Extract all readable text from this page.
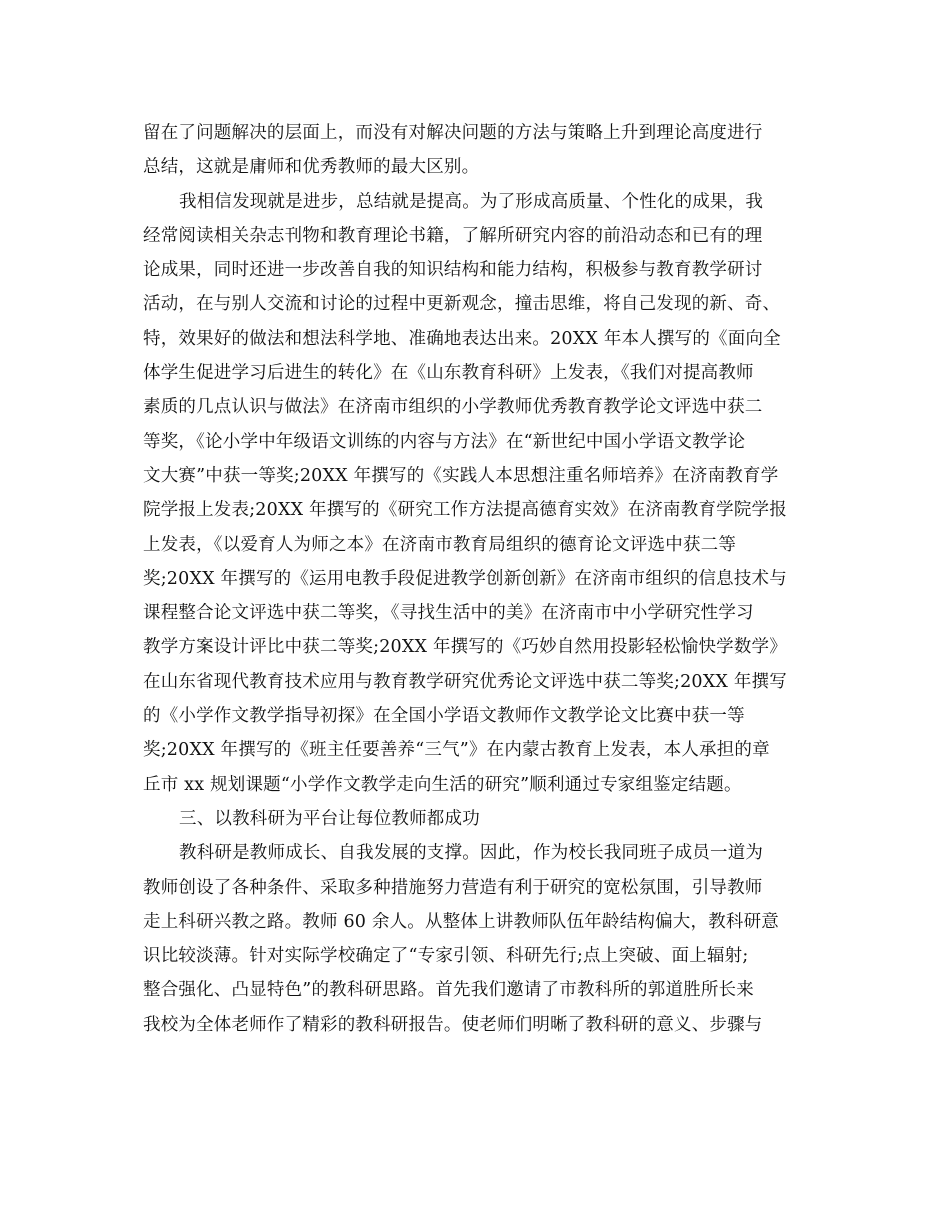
留在了问题解决的层面上，而没有对解决问题的方法与策略上升到理论高度进行
总结，这就是庸师和优秀教师的最大区别。
我相信发现就是进步，总结就是提高。为了形成高质量、个性化的成果，我
经常阅读相关杂志刊物和教育理论书籍，了解所研究内容的前沿动态和已有的理
论成果，同时还进一步改善自我的知识结构和能力结构，积极参与教育教学研讨
活动，在与别人交流和讨论的过程中更新观念，撞击思维，将自己发现的新、奇、
特，效果好的做法和想法科学地、准确地表达出来。20XX 年本人撰写的《面向全
体学生促进学习后进生的转化》在《山东教育科研》上发表，《我们对提高教师
素质的几点认识与做法》在济南市组织的小学教师优秀教育教学论文评选中获二
等奖，《论小学中年级语文训练的内容与方法》在“新世纪中国小学语文教学论
文大赛”中获一等奖;20XX 年撰写的《实践人本思想注重名师培养》在济南教育学
院学报上发表;20XX 年撰写的《研究工作方法提高德育实效》在济南教育学院学报
上发表，《以爱育人为师之本》在济南市教育局组织的德育论文评选中获二等
奖;20XX 年撰写的《运用电教手段促进教学创新创新》在济南市组织的信息技术与
课程整合论文评选中获二等奖，《寻找生活中的美》在济南市中小学研究性学习
教学方案设计评比中获二等奖;20XX 年撰写的《巧妙自然用投影轻松愉快学数学》
在山东省现代教育技术应用与教育教学研究优秀论文评选中获二等奖;20XX 年撰写
的《小学作文教学指导初探》在全国小学语文教师作文教学论文比赛中获一等
奖;20XX 年撰写的《班主任要善养“三气”》在内蒙古教育上发表，本人承担的章
丘市 xx 规划课题“小学作文教学走向生活的研究”顺利通过专家组鉴定结题。
三、以教科研为平台让每位教师都成功
教科研是教师成长、自我发展的支撑。因此，作为校长我同班子成员一道为
教师创设了各种条件、采取多种措施努力营造有利于研究的宽松氛围，引导教师
走上科研兴教之路。教师 60 余人。从整体上讲教师队伍年龄结构偏大，教科研意
识比较淡薄。针对实际学校确定了“专家引领、科研先行;点上突破、面上辐射;
整合强化、凸显特色”的教科研思路。首先我们邀请了市教科所的郭道胜所长来
我校为全体老师作了精彩的教科研报告。使老师们明晰了教科研的意义、步骤与
